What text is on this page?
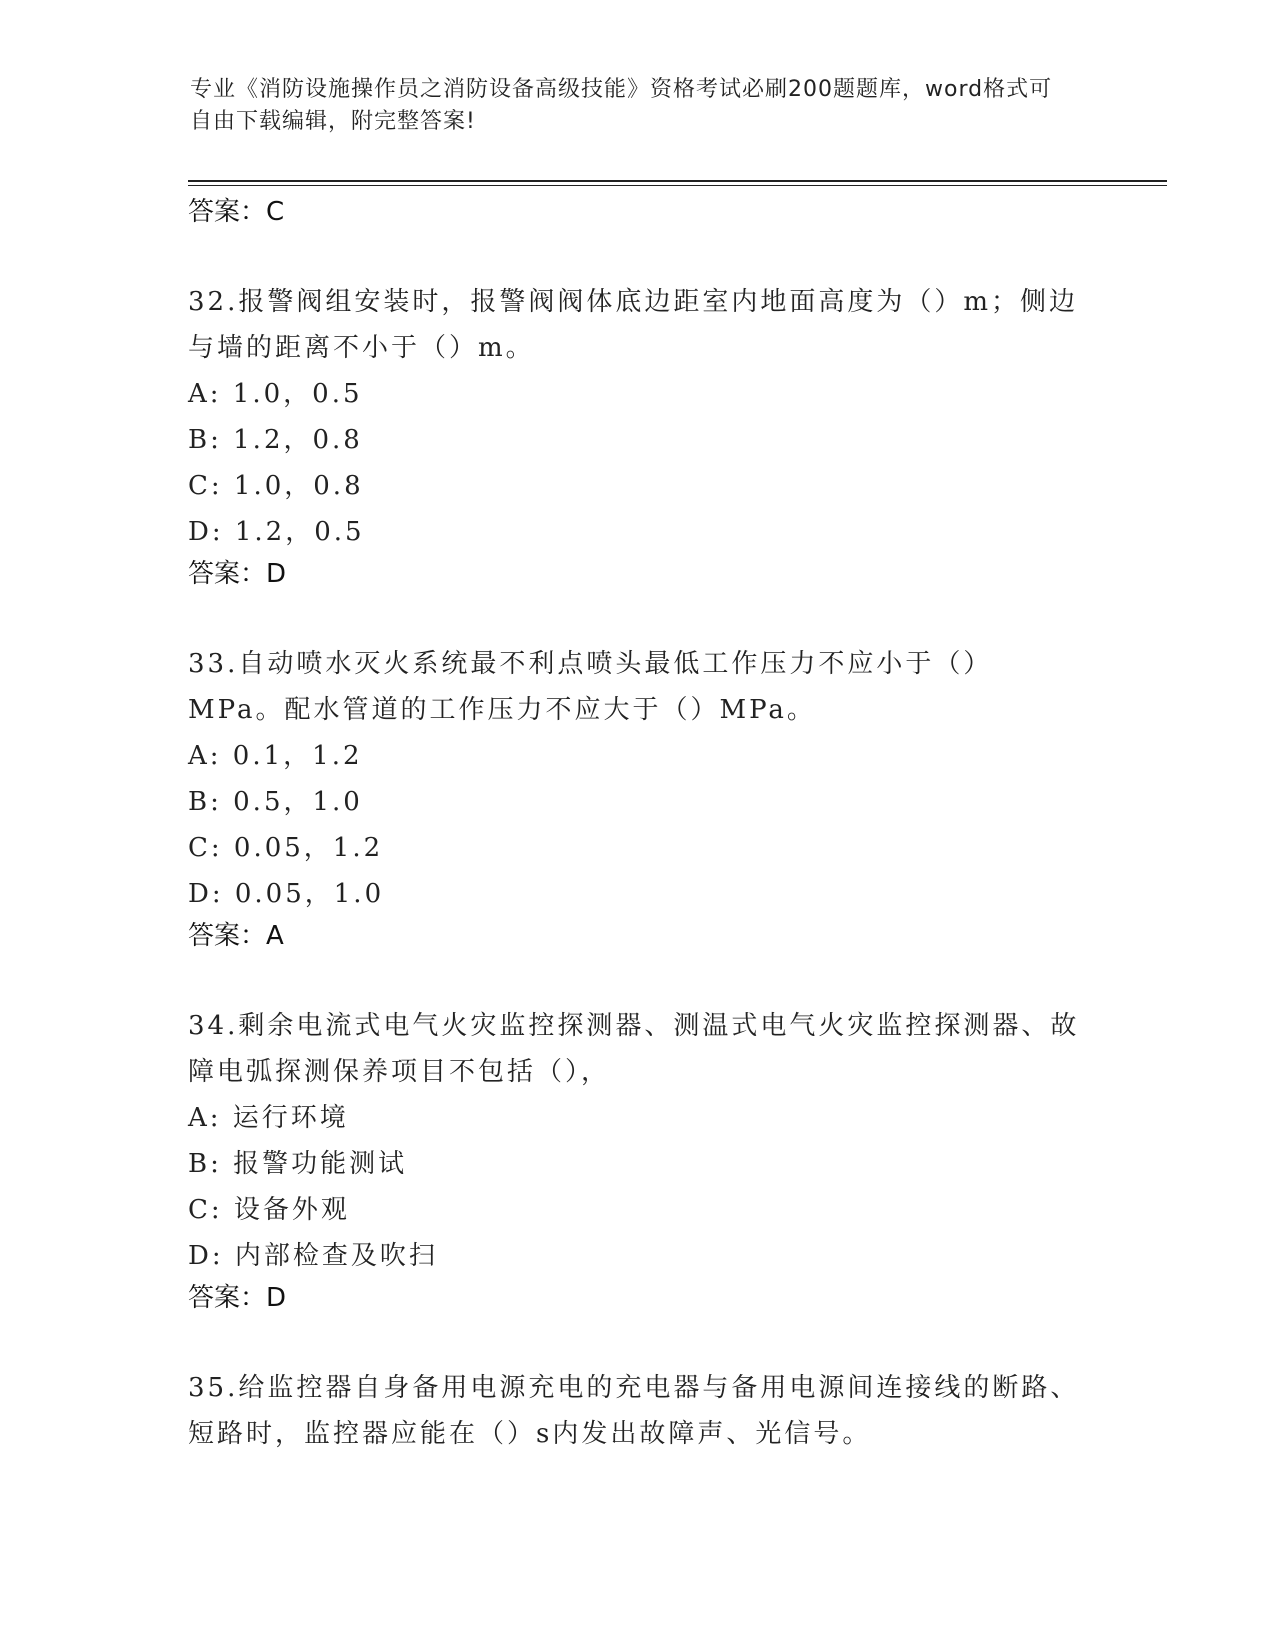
专业《消防设施操作员之消防设备高级技能》资格考试必刷200题题库，word格式可自由下载编辑，附完整答案!

答案：C

32.报警阀组安装时，报警阀阀体底边距室内地面高度为（）m；侧边与墙的距离不小于（）m。

A: 1.0，0.5

B: 1.2，0.8

C: 1.0，0.8

D: 1.2，0.5

答案：D

33.自动喷水灭火系统最不利点喷头最低工作压力不应小于（）MPa。配水管道的工作压力不应大于（）MPa。

A: 0.1，1.2

B: 0.5，1.0

C: 0.05，1.2

D: 0.05，1.0

答案：A

34.剩余电流式电气火灾监控探测器、测温式电气火灾监控探测器、故障电弧探测保养项目不包括（），

A: 运行环境

B: 报警功能测试

C: 设备外观

D: 内部检查及吹扫

答案：D

35.给监控器自身备用电源充电的充电器与备用电源间连接线的断路、短路时，监控器应能在（）s内发出故障声、光信号。
